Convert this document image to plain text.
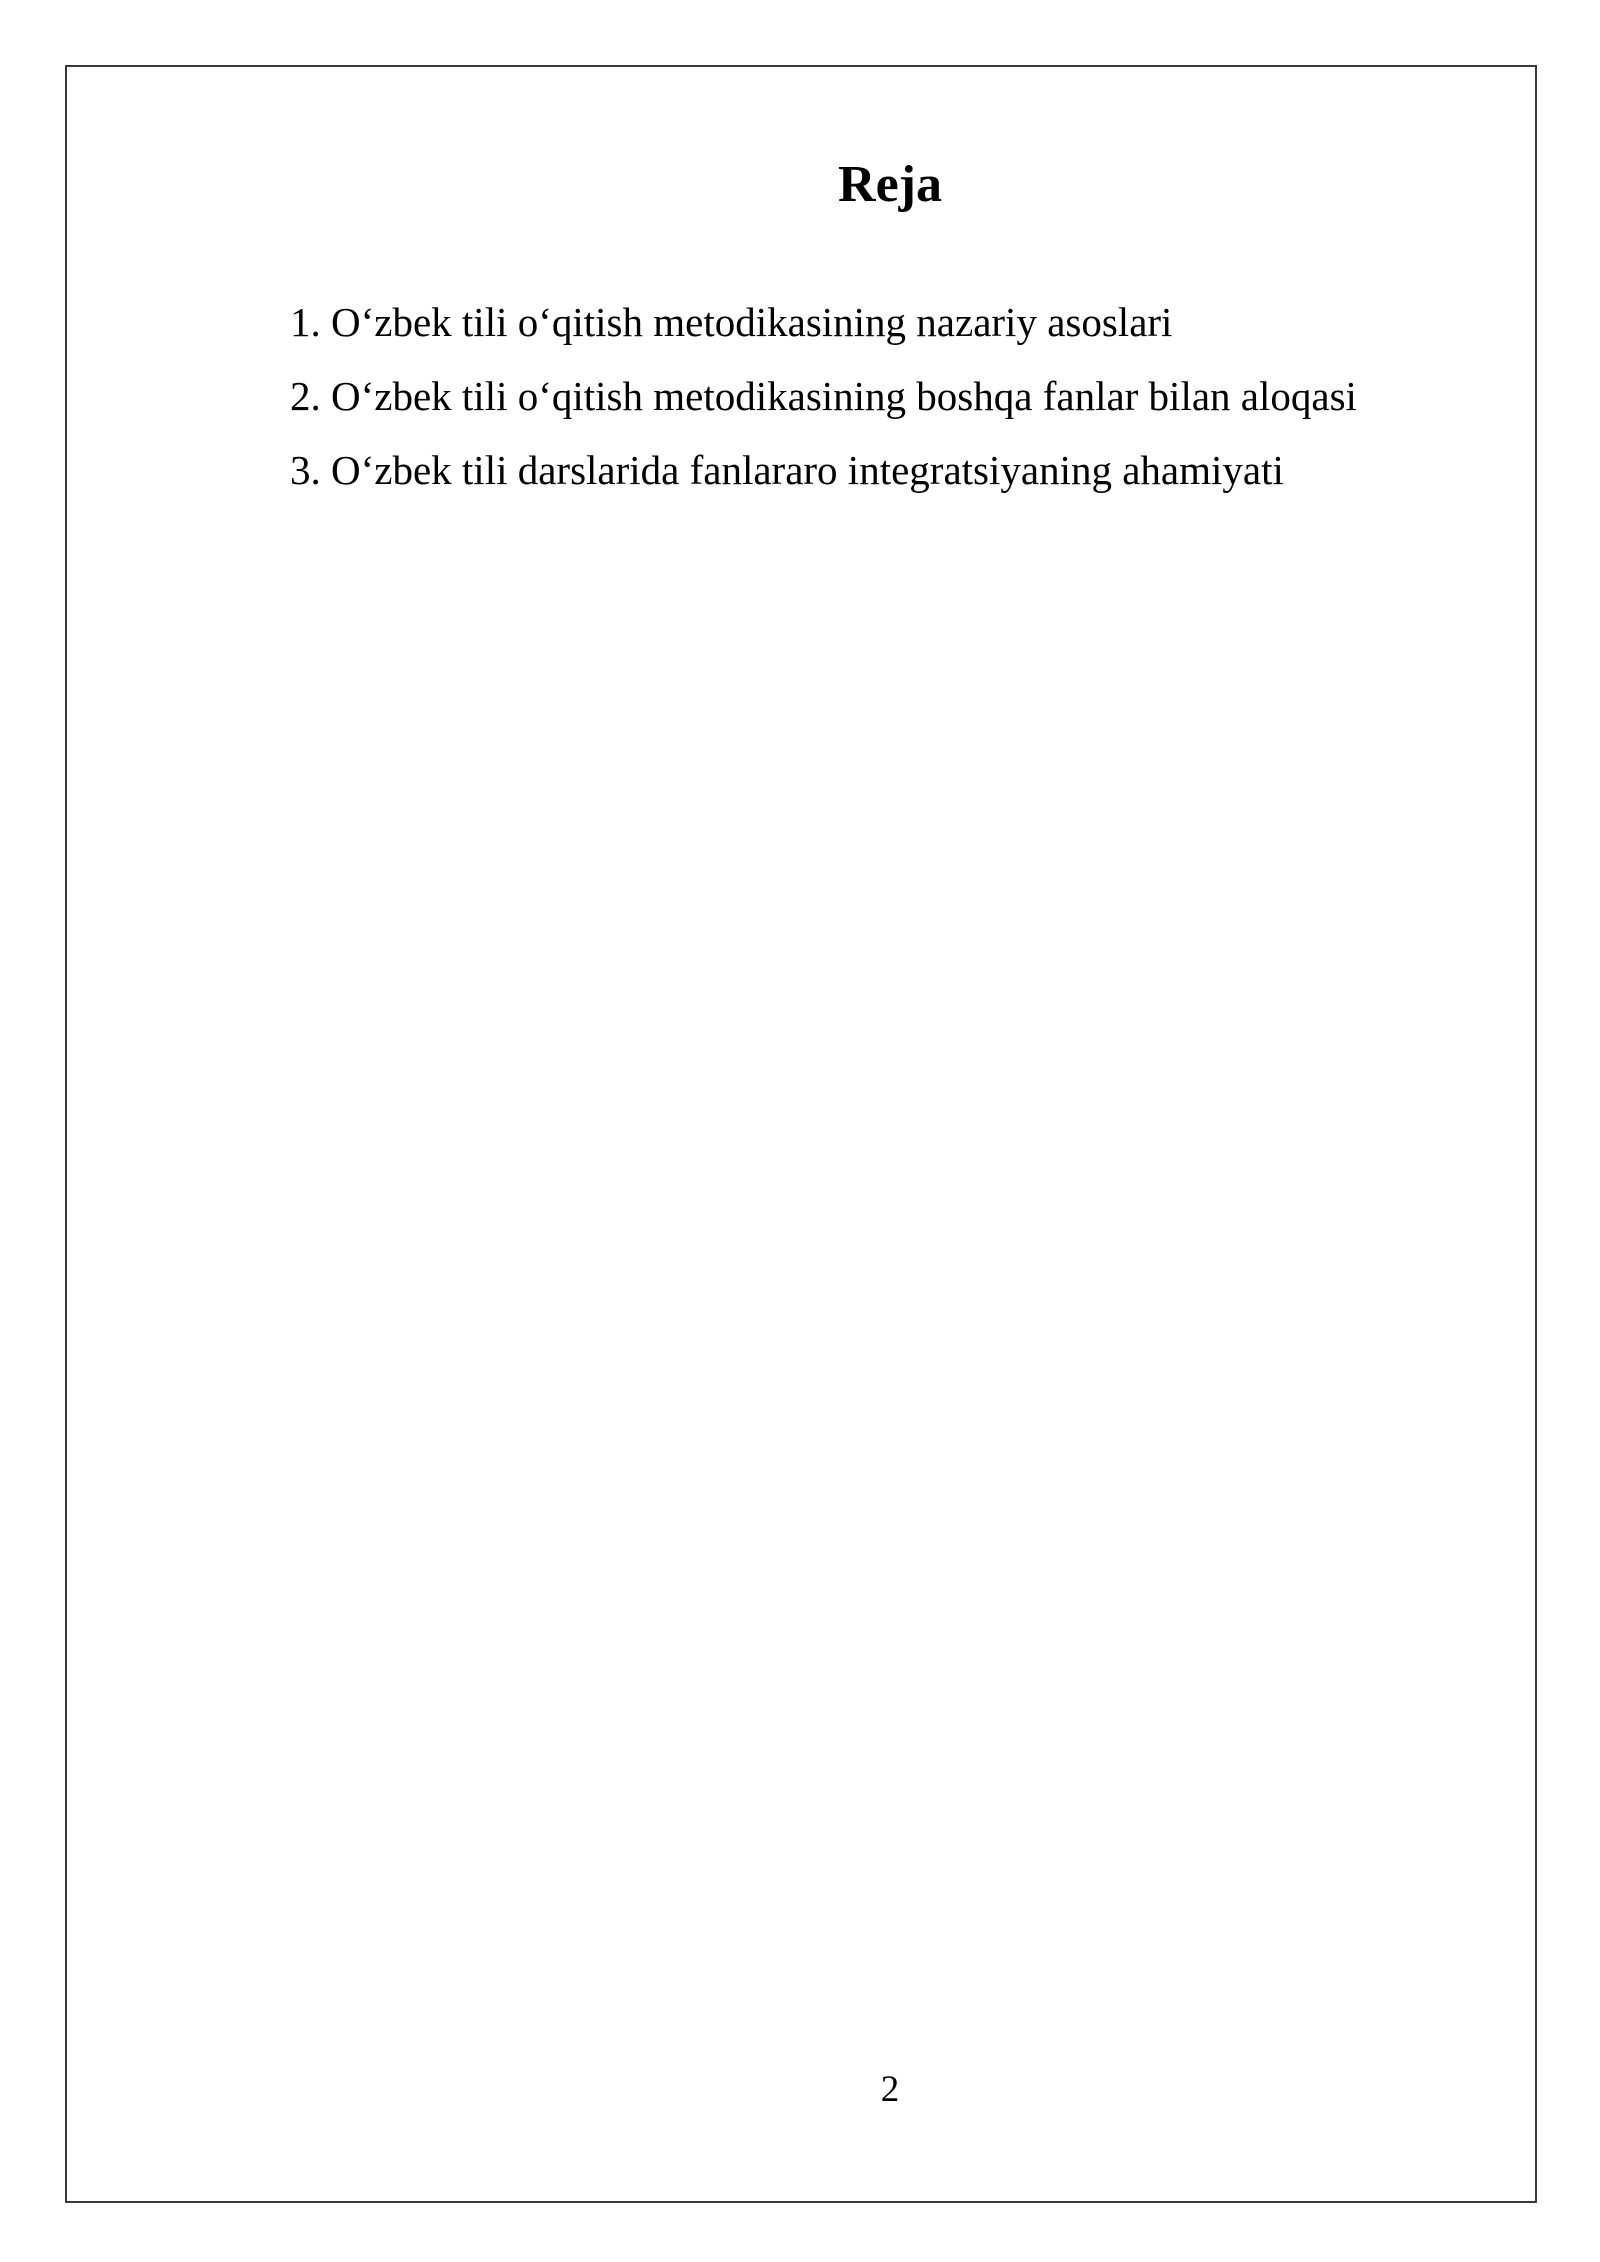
Reja
1. O‘zbek tili o‘qitish metodikasining nazariy asoslari
2. O‘zbek tili o‘qitish metodikasining boshqa fanlar bilan aloqasi
3. O‘zbek tili darslarida fanlararo integratsiyaning ahamiyati
2
